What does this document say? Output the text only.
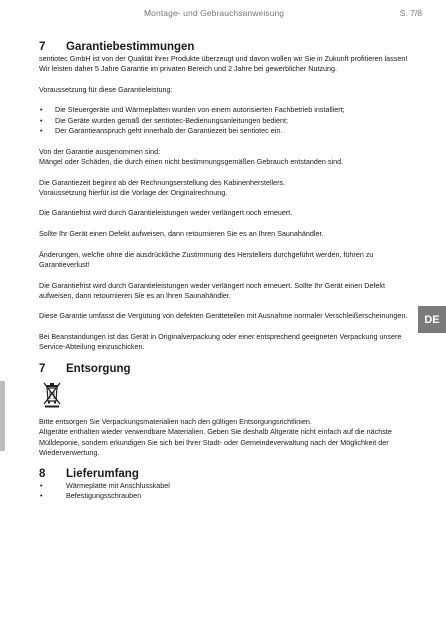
Montage- und Gebrauchsanweisung	S. 7/8
DE
7	Garantiebestimmungen

sentiotec GmbH ist von der Qualität ihrer Produkte überzeugt und davon wollen wir Sie in Zukunft profitieren lassen! Wir leisten daher 5 Jahre Garantie im privaten Bereich und 2 Jahre bei gewerblicher Nutzung.

Voraussetzung für diese Garantieleistung:

• Die Steuergeräte und Wärmeplatten wurden von einem autorisierten Fachbetrieb installiert;
• Die Geräte wurden gemäß der sentiotec-Bedienungsanleitungen bedient;
• Der Garantieanspruch geht innerhalb der Garantiezeit bei sentiotec ein.

Von der Garantie ausgenommen sind:

Mängel oder Schäden, die durch einen nicht bestimmungsgemäßen Gebrauch entstanden sind.

Die Garantiezeit beginnt ab der Rechnungserstellung des Kabinenherstellers.

Voraussetzung hierfür ist die Vorlage der Originalrechnung.

Die Garantiefrist wird durch Garantieleistungen weder verlängert noch erneuert.

Sollte Ihr Gerät einen Defekt aufweisen, dann retournieren Sie es an Ihren Saunahändler.

Änderungen, welche ohne die ausdrückliche Zustimmung des Herstellers durchgeführt werden, führen zu Garantieverlust!

Die Garantiefrist wird durch Garantieleistungen weder verlängert noch erneuert. Sollte Ihr Gerät einen Defekt aufweisen, dann retournieren Sie es an Ihren Saunahändler.

Diese Garantie umfasst die Vergütung von defekten Geräteteilen mit Ausnahme normaler Verschleißerscheinungen.

Bei Beanstandungen ist das Gerät in Originalverpackung oder einer entsprechend geeigneten Verpackung unsere Service-Abteilung einzuschicken.

7	Entsorgung

Bitte entsorgen Sie Verpackungsmaterialien nach den gültigen Entsorgungsrichtlinien.

Altgeräte enthalten wieder verwendbare Materialien. Geben Sie deshalb Altgeräte nicht einfach auf die nächste Mülldeponie, sondern erkundigen Sie sich bei Ihrer Stadt- oder Gemeindeverwaltung nach der Möglichkeit der Wiederverwertung.

8	Lieferumfang
• Wärmeplatte mit Anschlusskabel
• Befestigungsschrauben
